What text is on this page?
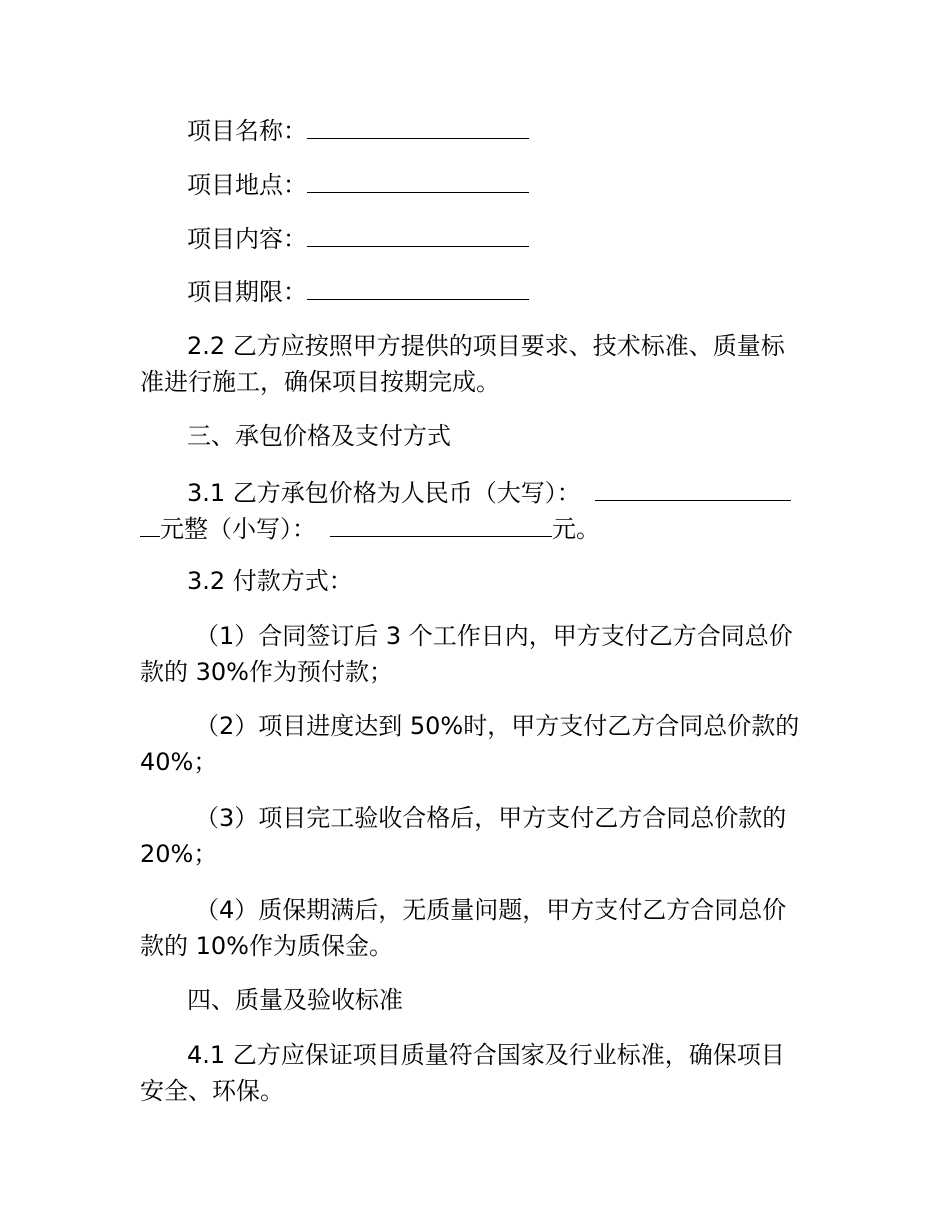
项目名称：
项目地点：
项目内容：
项目期限：
2.2 乙方应按照甲方提供的项目要求、技术标准、质量标
准进行施工，确保项目按期完成。
三、承包价格及支付方式
3.1 乙方承包价格为人民币（大写）：
元整（小写）：	元。
3.2 付款方式：
（1）合同签订后 3 个工作日内，甲方支付乙方合同总价
款的 30%作为预付款；
（2）项目进度达到 50%时，甲方支付乙方合同总价款的
40%；
（3）项目完工验收合格后，甲方支付乙方合同总价款的
20%；
（4）质保期满后，无质量问题，甲方支付乙方合同总价
款的 10%作为质保金。
四、质量及验收标准
4.1 乙方应保证项目质量符合国家及行业标准，确保项目
安全、环保。
